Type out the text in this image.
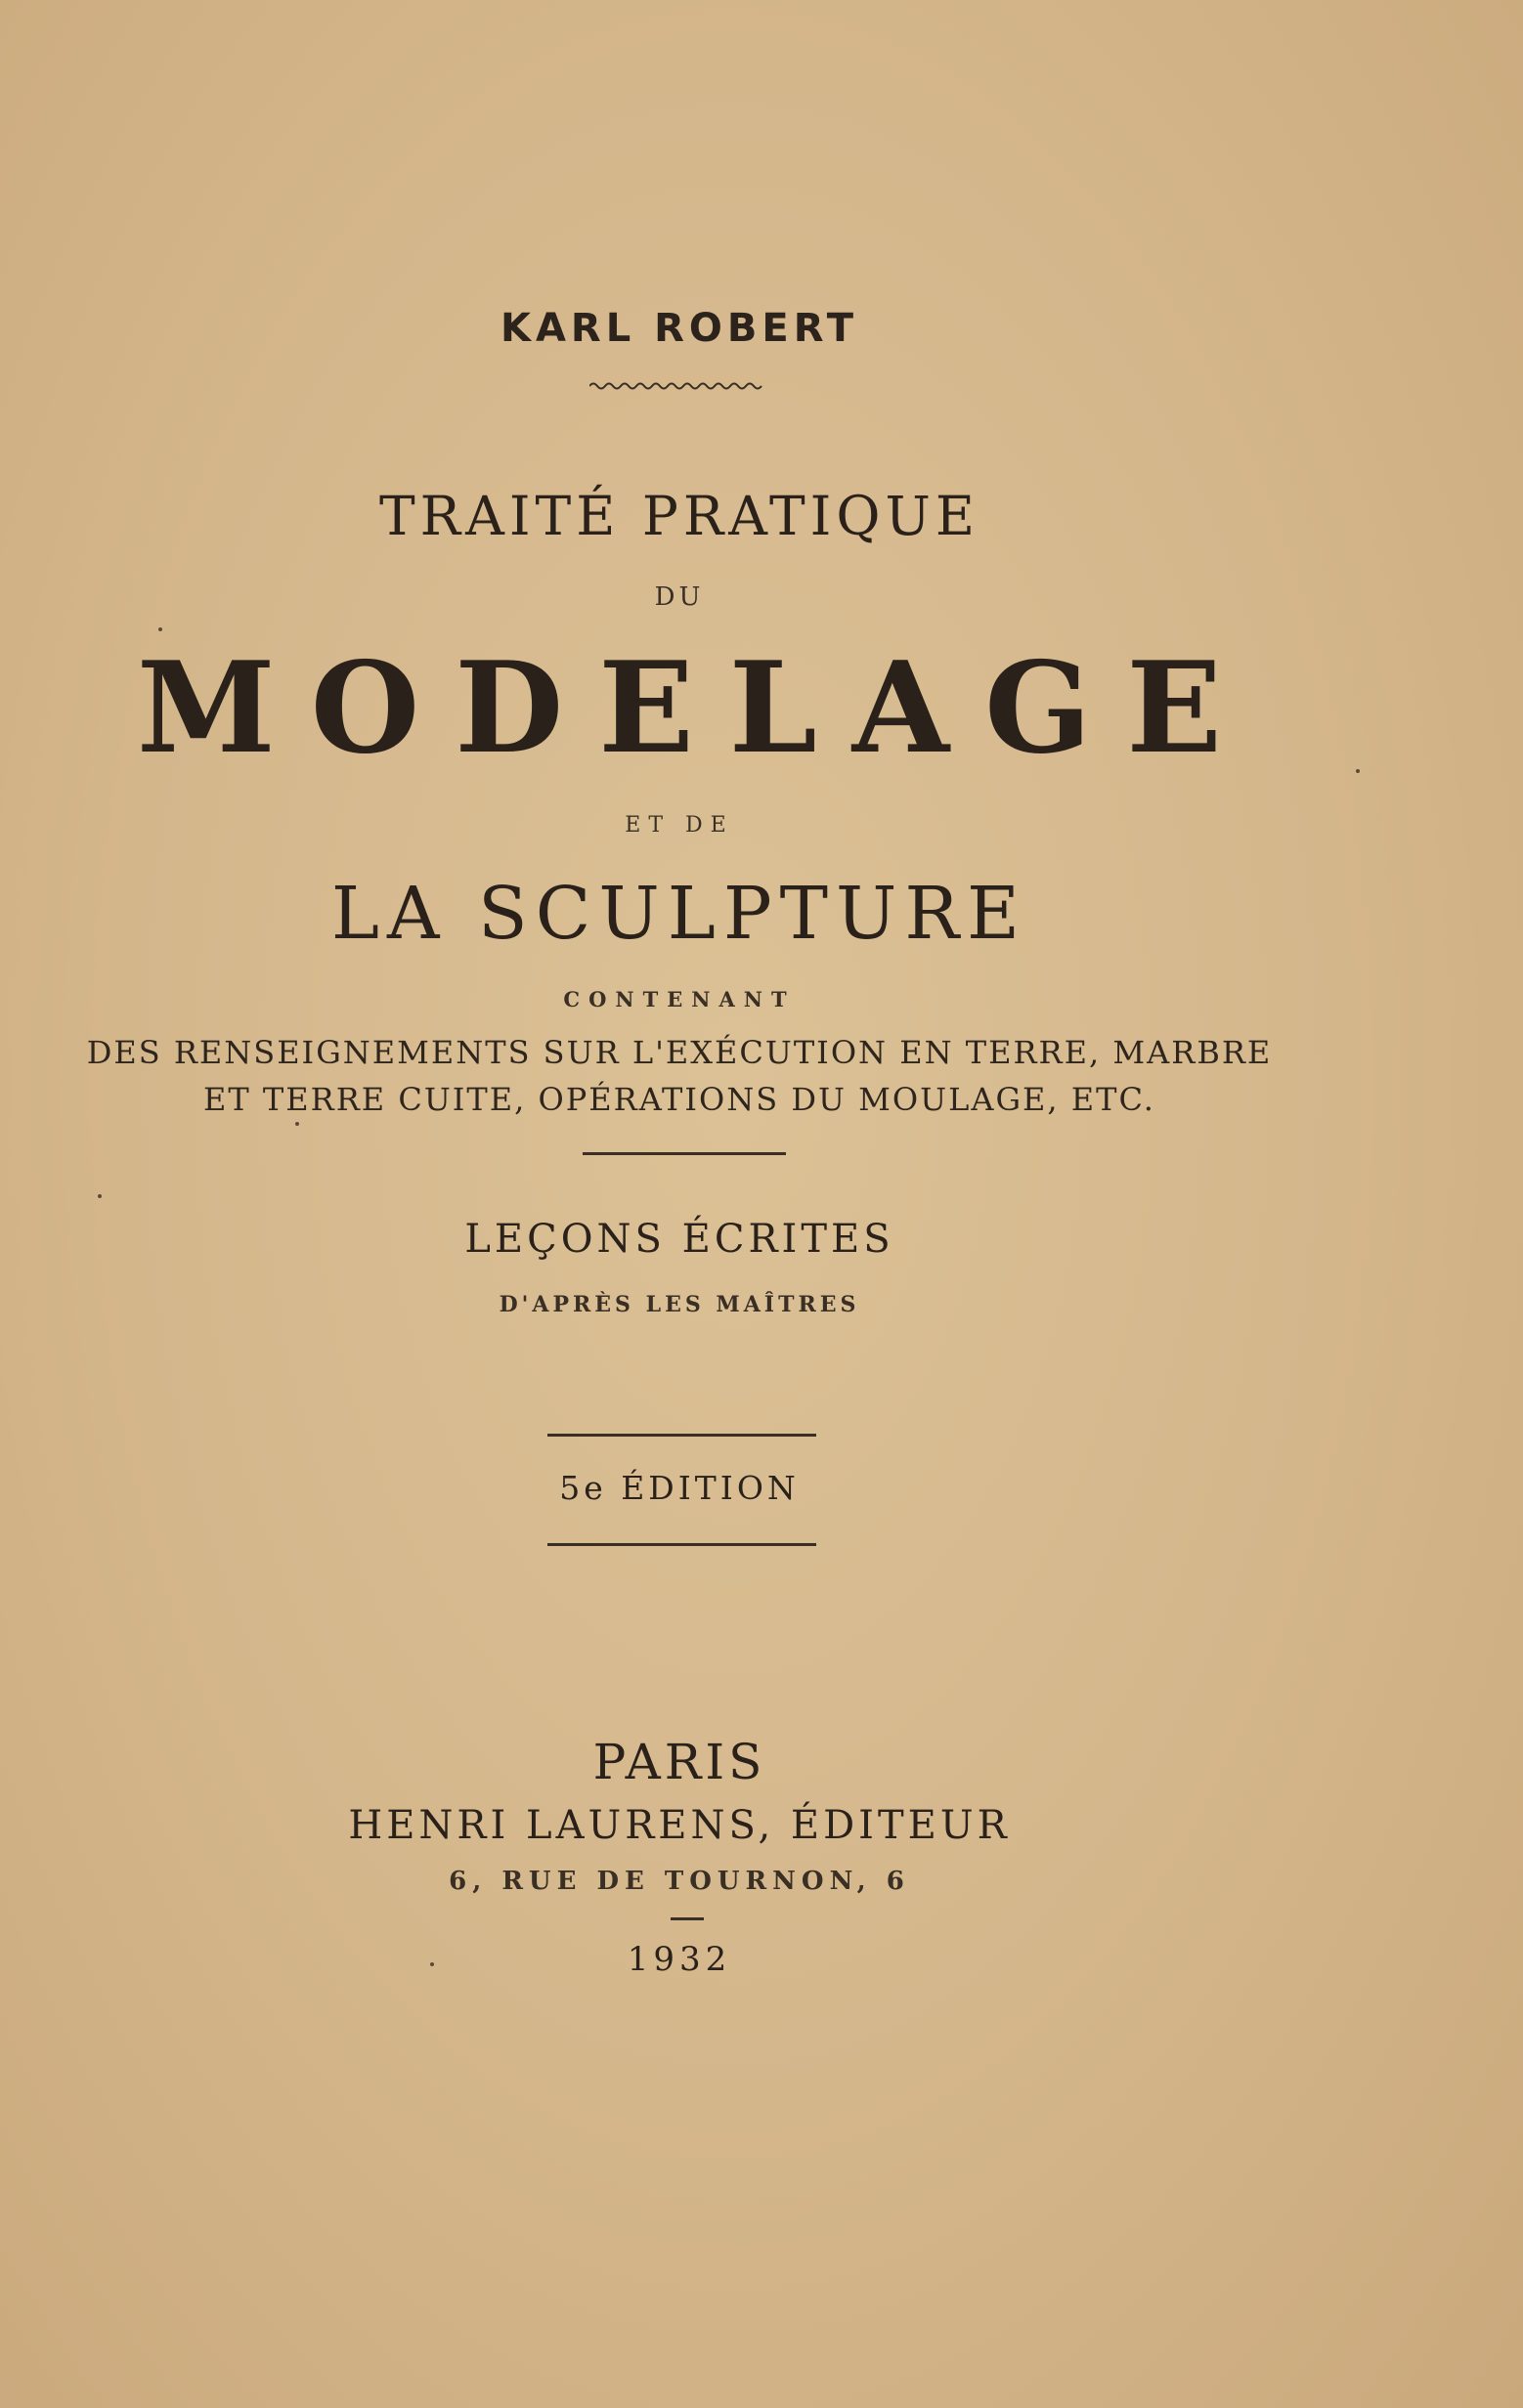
KARL ROBERT
TRAITÉ PRATIQUE
DU
MODELAGE
ET DE
LA SCULPTURE
CONTENANT
DES RENSEIGNEMENTS SUR L'EXÉCUTION EN TERRE, MARBRE
ET TERRE CUITE, OPÉRATIONS DU MOULAGE, ETC.
LEÇONS ÉCRITES
D'APRÈS LES MAÎTRES
5e ÉDITION
PARIS
HENRI LAURENS, ÉDITEUR
6, RUE DE TOURNON, 6
1932
